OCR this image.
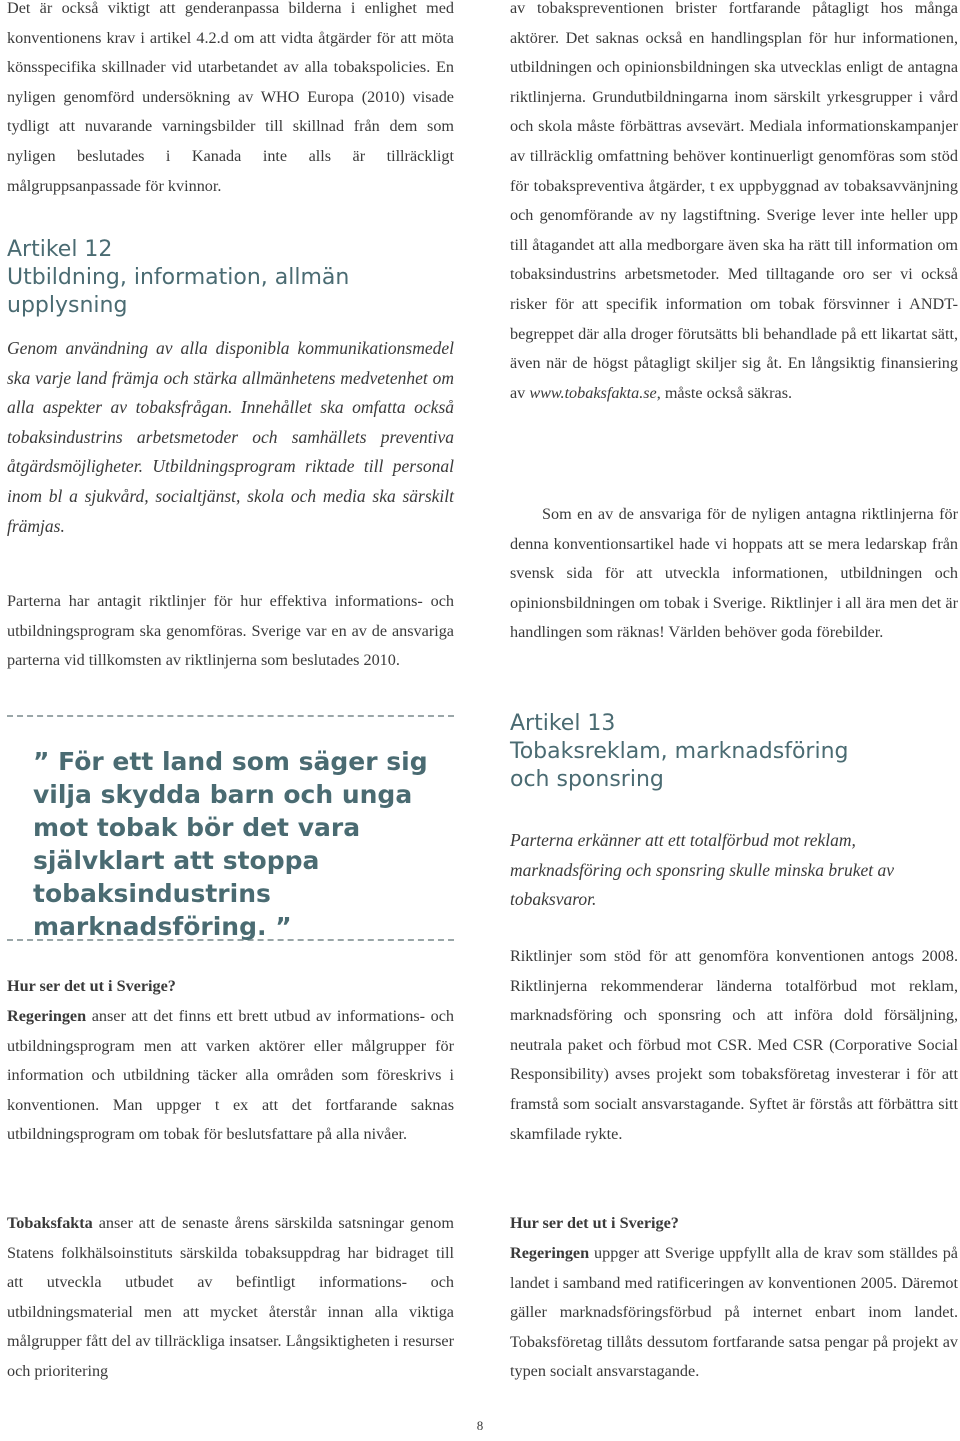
Det är också viktigt att genderanpassa bilderna i enlighet med konventionens krav i artikel 4.2.d om att vidta åtgärder för att möta könsspecifika skillnader vid utarbetandet av alla tobakspolicies. En nyligen genomförd undersökning av WHO Europa (2010) visade tydligt att nuvarande varningsbilder till skillnad från dem som nyligen beslutades i Kanada inte alls är tillräckligt målgruppsanpassade för kvinnor.

Artikel 12
Utbildning, information, allmän upplysning

Genom användning av alla disponibla kommunikationsmedel ska varje land främja och stärka allmänhetens medvetenhet om alla aspekter av tobaksfrågan. Innehållet ska omfatta också tobaksindustrins arbetsmetoder och samhällets preventiva åtgärdsmöjligheter. Utbildningsprogram riktade till personal inom bl a sjukvård, socialtjänst, skola och media ska särskilt främjas.

Parterna har antagit riktlinjer för hur effektiva informations- och utbildningsprogram ska genomföras. Sverige var en av de ansvariga parterna vid tillkomsten av riktlinjerna som beslutades 2010.

” För ett land som säger sig vilja skydda barn och unga mot tobak bör det vara självklart att stoppa tobaksindustrins marknadsföring. ”

Hur ser det ut i Sverige?

Regeringen anser att det finns ett brett utbud av informations- och utbildningsprogram men att varken aktörer eller målgrupper för information och utbildning täcker alla områden som föreskrivs i konventionen. Man uppger t ex att det fortfarande saknas utbildningsprogram om tobak för beslutsfattare på alla nivåer.

Tobaksfakta anser att de senaste årens särskilda satsningar genom Statens folkhälsoinstituts särskilda tobaksuppdrag har bidraget till att utveckla utbudet av befintligt informations- och utbildningsmaterial men att mycket återstår innan alla viktiga målgrupper fått del av tillräckliga insatser. Långsiktigheten i resurser och prioritering

av tobakspreventionen brister fortfarande påtagligt hos många aktörer. Det saknas också en handlingsplan för hur informationen, utbildningen och opinionsbildningen ska utvecklas enligt de antagna riktlinjerna. Grundutbildningarna inom särskilt yrkesgrupper i vård och skola måste förbättras avsevärt. Mediala informationskampanjer av tillräcklig omfattning behöver kontinuerligt genomföras som stöd för tobakspreventiva åtgärder, t ex uppbyggnad av tobaksavvänjning och genomförande av ny lagstiftning. Sverige lever inte heller upp till åtagandet att alla medborgare även ska ha rätt till information om tobaksindustrins arbetsmetoder. Med tilltagande oro ser vi också risker för att specifik information om tobak försvinner i ANDT-begreppet där alla droger förutsätts bli behandlade på ett likartat sätt, även när de högst påtagligt skiljer sig åt. En långsiktig finansiering av www.tobaksfakta.se, måste också säkras.

Som en av de ansvariga för de nyligen antagna riktlinjerna för denna konventionsartikel hade vi hoppats att se mera ledarskap från svensk sida för att utveckla informationen, utbildningen och opinionsbildningen om tobak i Sverige. Riktlinjer i all ära men det är handlingen som räknas! Världen behöver goda förebilder.

Artikel 13
Tobaksreklam, marknadsföring och sponsring

Parterna erkänner att ett totalförbud mot reklam, marknadsföring och sponsring skulle minska bruket av tobaksvaror.

Riktlinjer som stöd för att genomföra konventionen antogs 2008. Riktlinjerna rekommenderar länderna totalförbud mot reklam, marknadsföring och sponsring och att införa dold försäljning, neutrala paket och förbud mot CSR. Med CSR (Corporative Social Responsibility) avses projekt som tobaksföretag investerar i för att framstå som socialt ansvarstagande. Syftet är förstås att förbättra sitt skamfilade rykte.

Hur ser det ut i Sverige?

Regeringen uppger att Sverige uppfyllt alla de krav som ställdes på landet i samband med ratificeringen av konventionen 2005. Däremot gäller marknadsföringsförbud på internet enbart inom landet. Tobaksföretag tillåts dessutom fortfarande satsa pengar på projekt av typen socialt ansvarstagande.

8
